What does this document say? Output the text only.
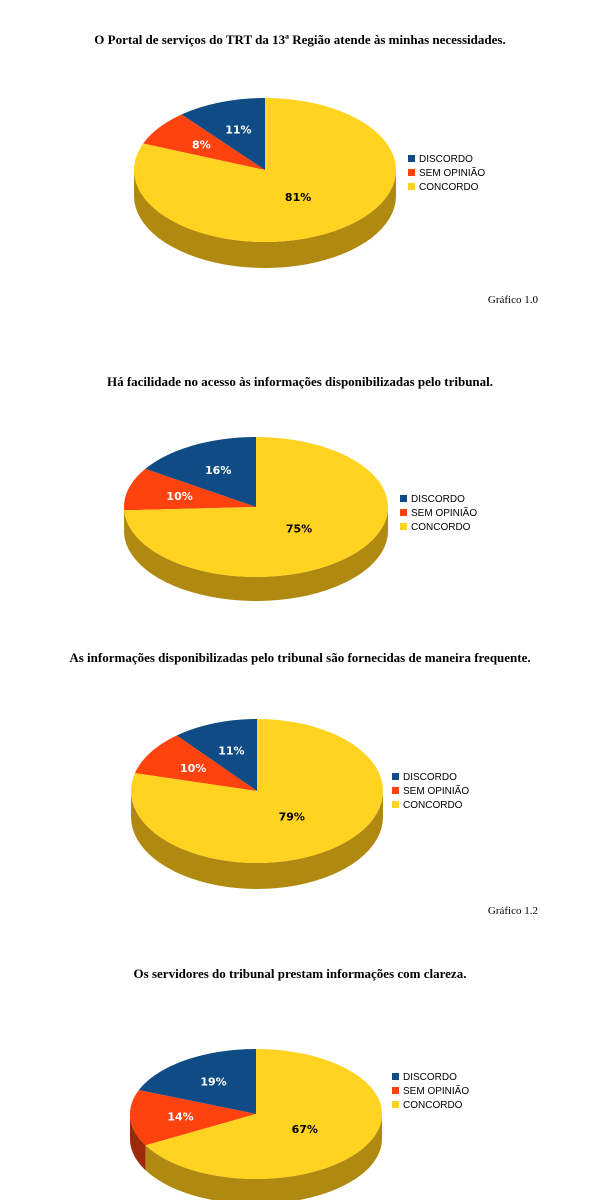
O Portal de serviços do TRT da 13ª Região atende às minhas necessidades.
11%
8%
81%
DISCORDO
SEM OPINIÃO
CONCORDO
Gráfico 1.0
Há facilidade no acesso às informações disponibilizadas pelo tribunal.
16%
10%
75%
DISCORDO
SEM OPINIÃO
CONCORDO
As informações disponibilizadas pelo tribunal são fornecidas de maneira frequente.
11%
10%
79%
DISCORDO
SEM OPINIÃO
CONCORDO
Gráfico 1.2
Os servidores do tribunal prestam informações com clareza.
19%
14%
67%
DISCORDO
SEM OPINIÃO
CONCORDO
